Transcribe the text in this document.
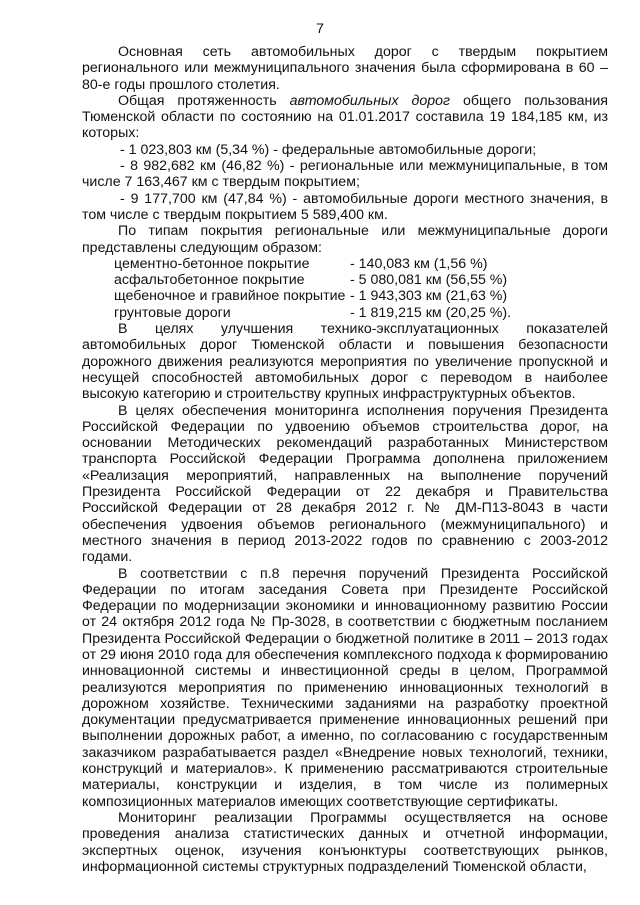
7

Основная сеть автомобильных дорог с твердым покрытием регионального или межмуниципального значения была сформирована в 60 – 80-е годы прошлого столетия.

Общая протяженность автомобильных дорог общего пользования Тюменской области по состоянию на 01.01.2017 составила 19 184,185 км, из которых:

- 1 023,803 км (5,34 %) - федеральные автомобильные дороги;
- 8 982,682 км (46,82 %) - региональные или межмуниципальные, в том числе 7 163,467 км с твердым покрытием;
- 9 177,700 км (47,84 %) - автомобильные дороги местного значения, в том числе с твердым покрытием 5 589,400 км.

По типам покрытия региональные или межмуниципальные дороги представлены следующим образом:

цементно-бетонное покрытие	- 140,083 км (1,56 %)
асфальтобетонное покрытие	- 5 080,081 км (56,55 %)
щебеночное и гравийное покрытие	- 1 943,303 км (21,63 %)
грунтовые дороги	- 1 819,215 км (20,25 %).

В целях улучшения технико-эксплуатационных показателей автомобильных дорог Тюменской области и повышения безопасности дорожного движения реализуются мероприятия по увеличение пропускной и несущей способностей автомобильных дорог с переводом в наиболее высокую категорию и строительству крупных инфраструктурных объектов.

В целях обеспечения мониторинга исполнения поручения Президента Российской Федерации по удвоению объемов строительства дорог, на основании Методических рекомендаций разработанных Министерством транспорта Российской Федерации Программа дополнена приложением «Реализация мероприятий, направленных на выполнение поручений Президента Российской Федерации от 22 декабря и Правительства Российской Федерации от 28 декабря 2012 г. № ДМ-П13-8043 в части обеспечения удвоения объемов регионального (межмуниципального) и местного значения в период 2013-2022 годов по сравнению с 2003-2012 годами.

В соответствии с п.8 перечня поручений Президента Российской Федерации по итогам заседания Совета при Президенте Российской Федерации по модернизации экономики и инновационному развитию России от 24 октября 2012 года № Пр-3028, в соответствии с бюджетным посланием Президента Российской Федерации о бюджетной политике в 2011 – 2013 годах от 29 июня 2010 года для обеспечения комплексного подхода к формированию инновационной системы и инвестиционной среды в целом, Программой реализуются мероприятия по применению инновационных технологий в дорожном хозяйстве. Техническими заданиями на разработку проектной документации предусматривается применение инновационных решений при выполнении дорожных работ, а именно, по согласованию с государственным заказчиком разрабатывается раздел «Внедрение новых технологий, техники, конструкций и материалов». К применению рассматриваются строительные материалы, конструкции и изделия, в том числе из полимерных композиционных материалов имеющих соответствующие сертификаты.

Мониторинг реализации Программы осуществляется на основе проведения анализа статистических данных и отчетной информации, экспертных оценок, изучения конъюнктуры соответствующих рынков, информационной системы структурных подразделений Тюменской области,
